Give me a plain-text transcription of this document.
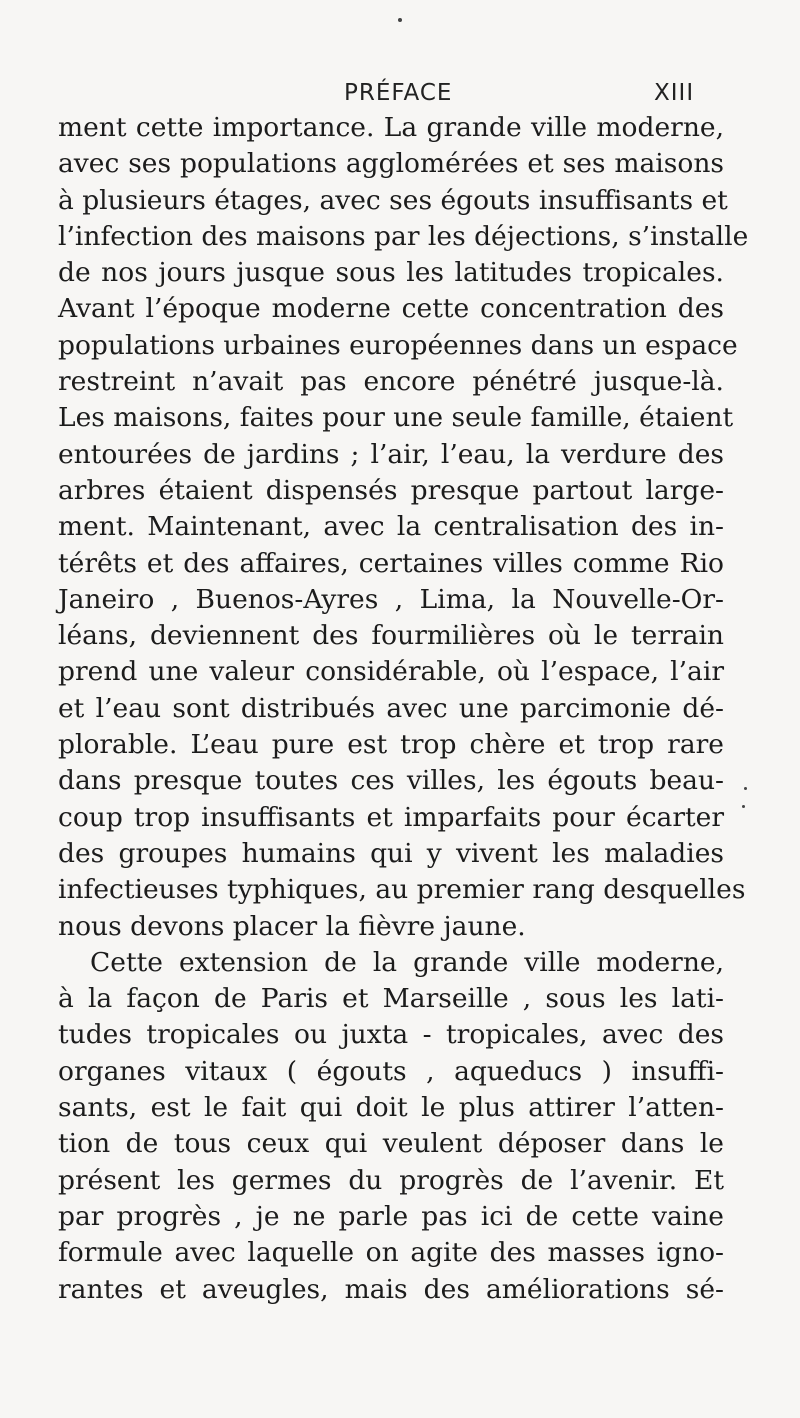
PRÉFACE	XIII
ment cette importance. La grande ville moderne,
avec ses populations agglomérées et ses maisons
à plusieurs étages, avec ses égouts insuffisants et
l’infection des maisons par les déjections, s’installe
de nos jours jusque sous les latitudes tropicales.
Avant l’époque moderne cette concentration des
populations urbaines européennes dans un espace
restreint n’avait pas encore pénétré jusque-là.
Les maisons, faites pour une seule famille, étaient
entourées de jardins ; l’air, l’eau, la verdure des
arbres étaient dispensés presque partout large-
ment. Maintenant, avec la centralisation des in-
térêts et des affaires, certaines villes comme Rio
Janeiro , Buenos-Ayres , Lima, la Nouvelle-Or-
léans, deviennent des fourmilières où le terrain
prend une valeur considérable, où l’espace, l’air
et l’eau sont distribués avec une parcimonie dé-
plorable. L’eau pure est trop chère et trop rare
dans presque toutes ces villes, les égouts beau-
coup trop insuffisants et imparfaits pour écarter
des groupes humains qui y vivent les maladies
infectieuses typhiques, au premier rang desquelles
nous devons placer la fièvre jaune.
Cette extension de la grande ville moderne,
à la façon de Paris et Marseille , sous les lati-
tudes tropicales ou juxta - tropicales, avec des
organes vitaux ( égouts , aqueducs ) insuffi-
sants, est le fait qui doit le plus attirer l’atten-
tion de tous ceux qui veulent déposer dans le
présent les germes du progrès de l’avenir. Et
par progrès , je ne parle pas ici de cette vaine
formule avec laquelle on agite des masses igno-
rantes et aveugles, mais des améliorations sé-
